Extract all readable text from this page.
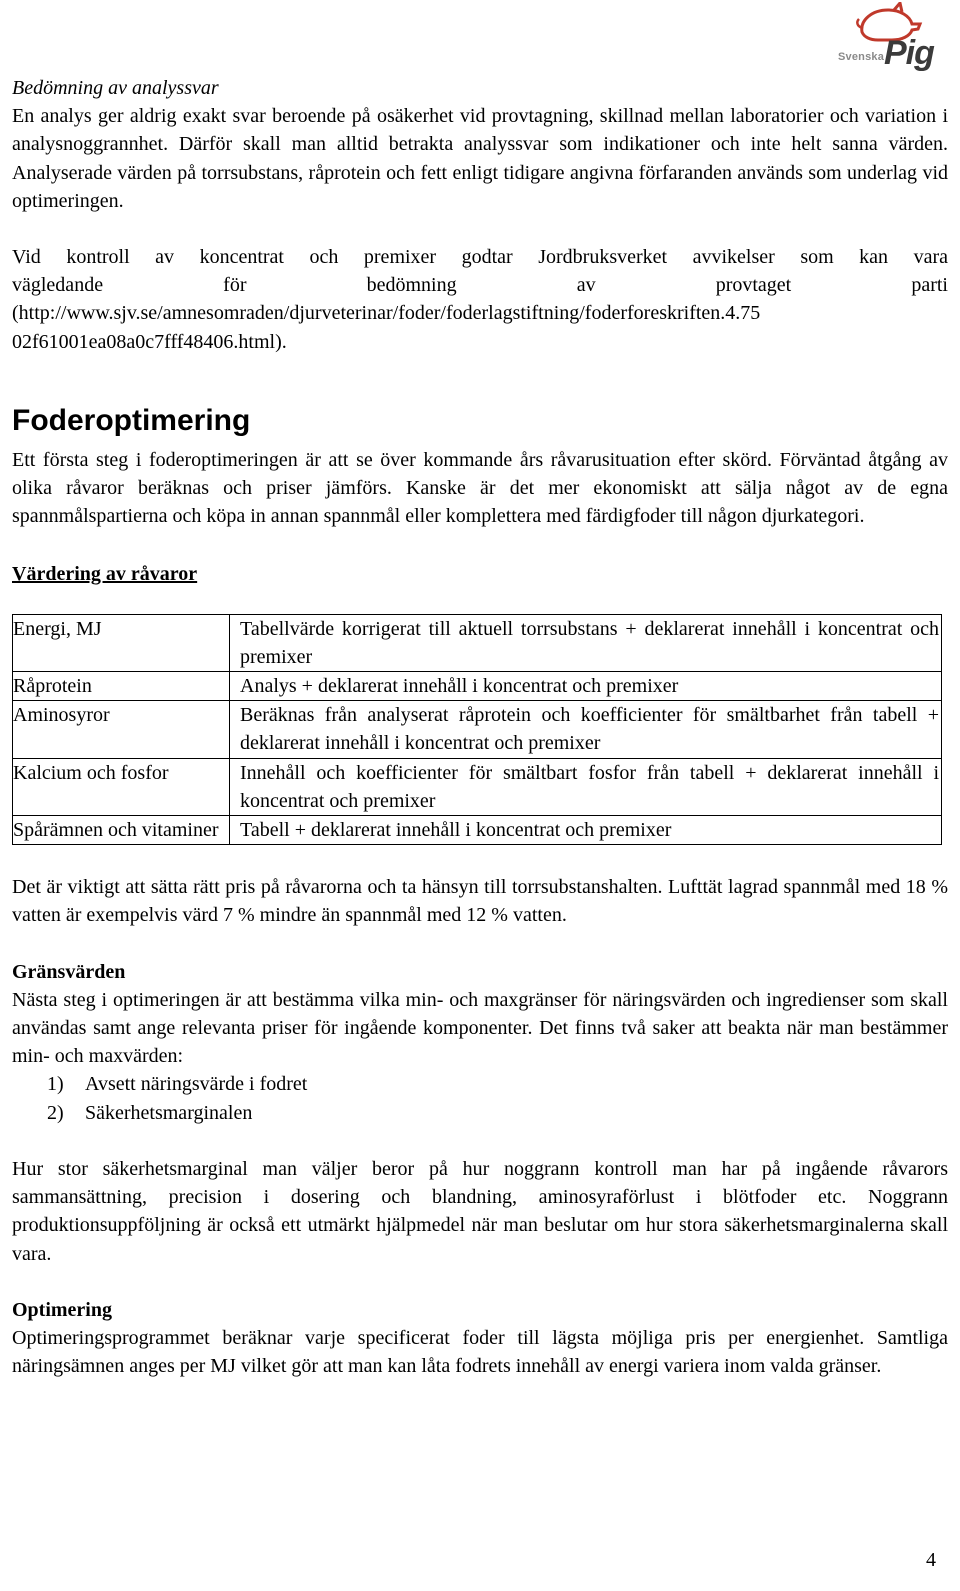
Svenska Pig

Bedömning av analyssvar

En analys ger aldrig exakt svar beroende på osäkerhet vid provtagning, skillnad mellan laboratorier och variation i analysnoggrannhet. Därför skall man alltid betrakta analyssvar som indikationer och inte helt sanna värden. Analyserade värden på torrsubstans, råprotein och fett enligt tidigare angivna förfaranden används som underlag vid optimeringen.

Vid kontroll av koncentrat och premixer godtar Jordbruksverket avvikelser som kan vara

vägledande för bedömning av provtaget parti

(http://www.sjv.se/amnesomraden/djurveterinar/foder/foderlagstiftning/foderforeskriften.4.75

02f61001ea08a0c7fff48406.html).

Foderoptimering

Ett första steg i foderoptimeringen är att se över kommande års råvarusituation efter skörd. Förväntad åtgång av olika råvaror beräknas och priser jämförs. Kanske är det mer ekonomiskt att sälja något av de egna spannmålspartierna och köpa in annan spannmål eller komplettera med färdigfoder till någon djurkategori.

Värdering av råvaror

Energi, MJ	Tabellvärde korrigerat till aktuell torrsubstans + deklarerat innehåll i koncentrat och premixer
Råprotein	Analys + deklarerat innehåll i koncentrat och premixer
Aminosyror	Beräknas från analyserat råprotein och koefficienter för smältbarhet från tabell + deklarerat innehåll i koncentrat och premixer
Kalcium och fosfor	Innehåll och koefficienter för smältbart fosfor från tabell + deklarerat innehåll i koncentrat och premixer
Spårämnen och vitaminer	Tabell + deklarerat innehåll i koncentrat och premixer

Det är viktigt att sätta rätt pris på råvarorna och ta hänsyn till torrsubstanshalten. Lufttät lagrad spannmål med 18 % vatten är exempelvis värd 7 % mindre än spannmål med 12 % vatten.

Gränsvärden

Nästa steg i optimeringen är att bestämma vilka min- och maxgränser för näringsvärden och ingredienser som skall användas samt ange relevanta priser för ingående komponenter. Det finns två saker att beakta när man bestämmer min- och maxvärden:

1)	Avsett näringsvärde i fodret
2)	Säkerhetsmarginalen

Hur stor säkerhetsmarginal man väljer beror på hur noggrann kontroll man har på ingående råvarors sammansättning, precision i dosering och blandning, aminosyraförlust i blötfoder etc. Noggrann produktionsuppföljning är också ett utmärkt hjälpmedel när man beslutar om hur stora säkerhetsmarginalerna skall vara.

Optimering

Optimeringsprogrammet beräknar varje specificerat foder till lägsta möjliga pris per energienhet. Samtliga näringsämnen anges per MJ vilket gör att man kan låta fodrets innehåll av energi variera inom valda gränser.

4
